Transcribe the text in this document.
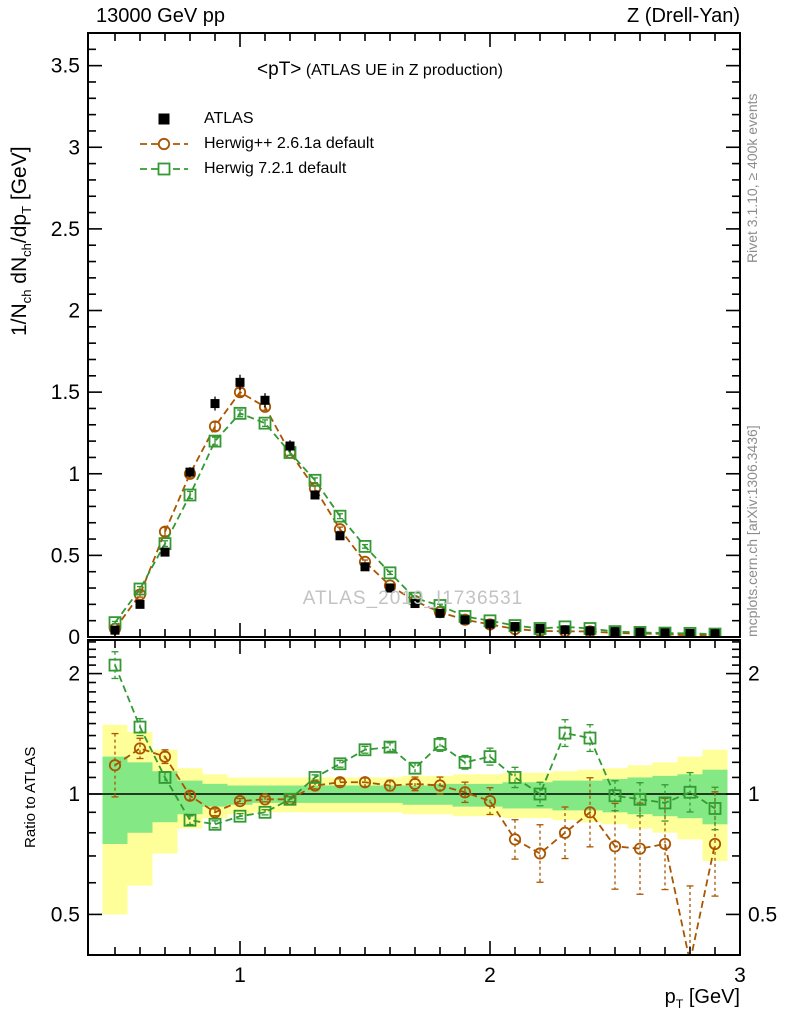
1	2	3
0
0.5
1
1.5
2
2.5
3
3.5
0.5	0.5
1	1
2	2
13000 GeV pp	Z (Drell-Yan)
<pT> (ATLAS UE in Z production)
ATLAS
Herwig++ 2.6.1a default
Herwig 7.2.1 default
$1/N_{ch}$ $dN_{ch}/dp_T$ [GeV]
Ratio to ATLAS
Rivet 3.1.10, ≥ 400k events
mcplots.cern.ch [arXiv:1306.3436]
ATLAS_2019_I1736531
$p_T$ [GeV]
